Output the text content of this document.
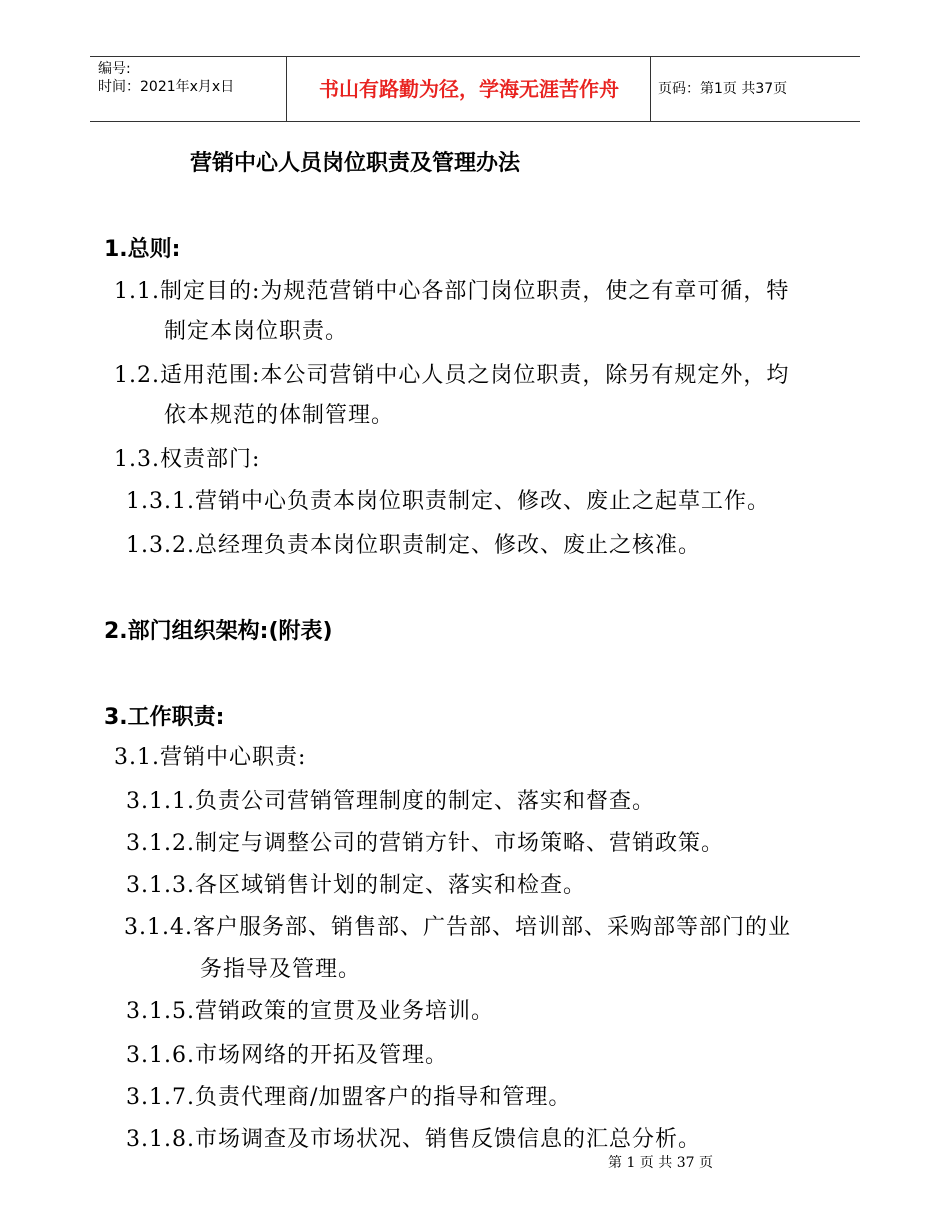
编号:
时间：2021年x月x日	书山有路勤为径，学海无涯苦作舟	页码：第1页 共37页
营销中心人员岗位职责及管理办法
1.总则:
1.1.制定目的:为规范营销中心各部门岗位职责，使之有章可循，特
制定本岗位职责。
1.2.适用范围:本公司营销中心人员之岗位职责，除另有规定外，均
依本规范的体制管理。
1.3.权责部门:
1.3.1.营销中心负责本岗位职责制定、修改、废止之起草工作。
1.3.2.总经理负责本岗位职责制定、修改、废止之核准。
2.部门组织架构:(附表)
3.工作职责:
3.1.营销中心职责:
3.1.1.负责公司营销管理制度的制定、落实和督查。
3.1.2.制定与调整公司的营销方针、市场策略、营销政策。
3.1.3.各区域销售计划的制定、落实和检查。
3.1.4.客户服务部、销售部、广告部、培训部、采购部等部门的业
务指导及管理。
3.1.5.营销政策的宣贯及业务培训。
3.1.6.市场网络的开拓及管理。
3.1.7.负责代理商/加盟客户的指导和管理。
3.1.8.市场调查及市场状况、销售反馈信息的汇总分析。
第 1 页 共 37 页
